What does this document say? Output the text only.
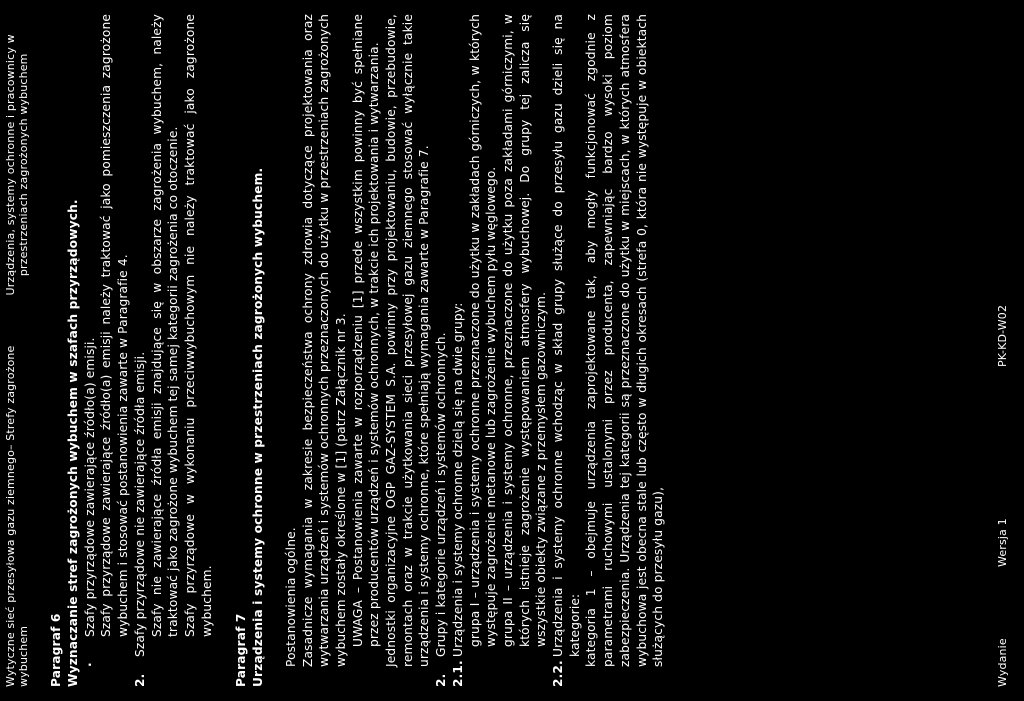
Wytyczne sieć przesyłowa gazu ziemnego– Strefy zagrożone wybuchem
Urządzenia, systemy ochronne i pracownicy w przestrzeniach zagrożonych wybuchem
Paragraf 6 Wyznaczanie stref zagrożonych wybuchem w szafach przyrządowych. ·
Szafy przyrządowe zawierające źródło(a) emisji. Szafy przyrządowe zawierające źródło(a) emisji należy traktować jako pomieszczenia zagrożone wybuchem i stosować postanowienia zawarte w Paragrafie 4.
2.
Szafy przyrządowe nie zawierające źródła emisji. Szafy nie zawierające źródła emisji znajdujące się w obszarze zagrożenia wybuchem, należy traktować jako zagrożone wybuchem tej samej kategorii zagrożenia co otoczenie. Szafy przyrządowe w wykonaniu przeciwwybuchowym nie należy traktować jako zagrożone wybuchem.
Paragraf 7 Urządzenia i systemy ochronne w przestrzeniach zagrożonych wybuchem. Postanowienia ogólne. Zasadnicze wymagania w zakresie bezpieczeństwa ochrony zdrowia dotyczące projektowania oraz wytwarzania urządzeń i systemów ochronnych przeznaczonych do użytku w przestrzeniach zagrożonych wybuchem zostały określone w [1] (patrz Załącznik nr 3. UWAGA – Postanowienia zawarte w rozporządzeniu [1] przede wszystkim powinny być spełniane przez producentów urządzeń i systemów ochronnych, w trakcie ich projektowania i wytwarzania. Jednostki organizacyjne OGP GAZ-SYSTEM S.A. powinny przy projektowaniu, budowie, przebudowie, remontach oraz w trakcie użytkowania sieci przesyłowej gazu ziemnego stosować wyłącznie takie urządzenia i systemy ochronne, które spełniają wymagania zawarte w Paragrafie 7.
2.
Grupy i kategorie urządzeń i systemów ochronnych.
2.1.
Urządzenia i systemy ochronne dzielą się na dwie grupy: grupa I – urządzenia i systemy ochronne przeznaczone do użytku w zakładach górniczych, w których występuje zagrożenie metanowe lub zagrożenie wybuchem pyłu węglowego. grupa II – urządzenia i systemy ochronne, przeznaczone do użytku poza zakładami górniczymi, w których istnieje zagrożenie występowaniem atmosfery wybuchowej. Do grupy tej zalicza się wszystkie obiekty związane z przemysłem gazowniczym.
2.2.
Urządzenia i systemy ochronne wchodząc w skład grupy służące do przesyłu gazu dzieli się na kategorie: kategoria 1 – obejmuje urządzenia zaprojektowane tak, aby mogły funkcjonować zgodnie z parametrami ruchowymi ustalonymi przez producenta, zapewniając bardzo wysoki poziom zabezpieczenia. Urządzenia tej kategorii są przeznaczone do użytku w miejscach, w których atmosfera wybuchowa jest obecna stale lub często w długich okresach (strefa 0, która nie występuje w obiektach służących do przesyłu gazu),	Wydanie
Wersja 1
PK-KD-W02
